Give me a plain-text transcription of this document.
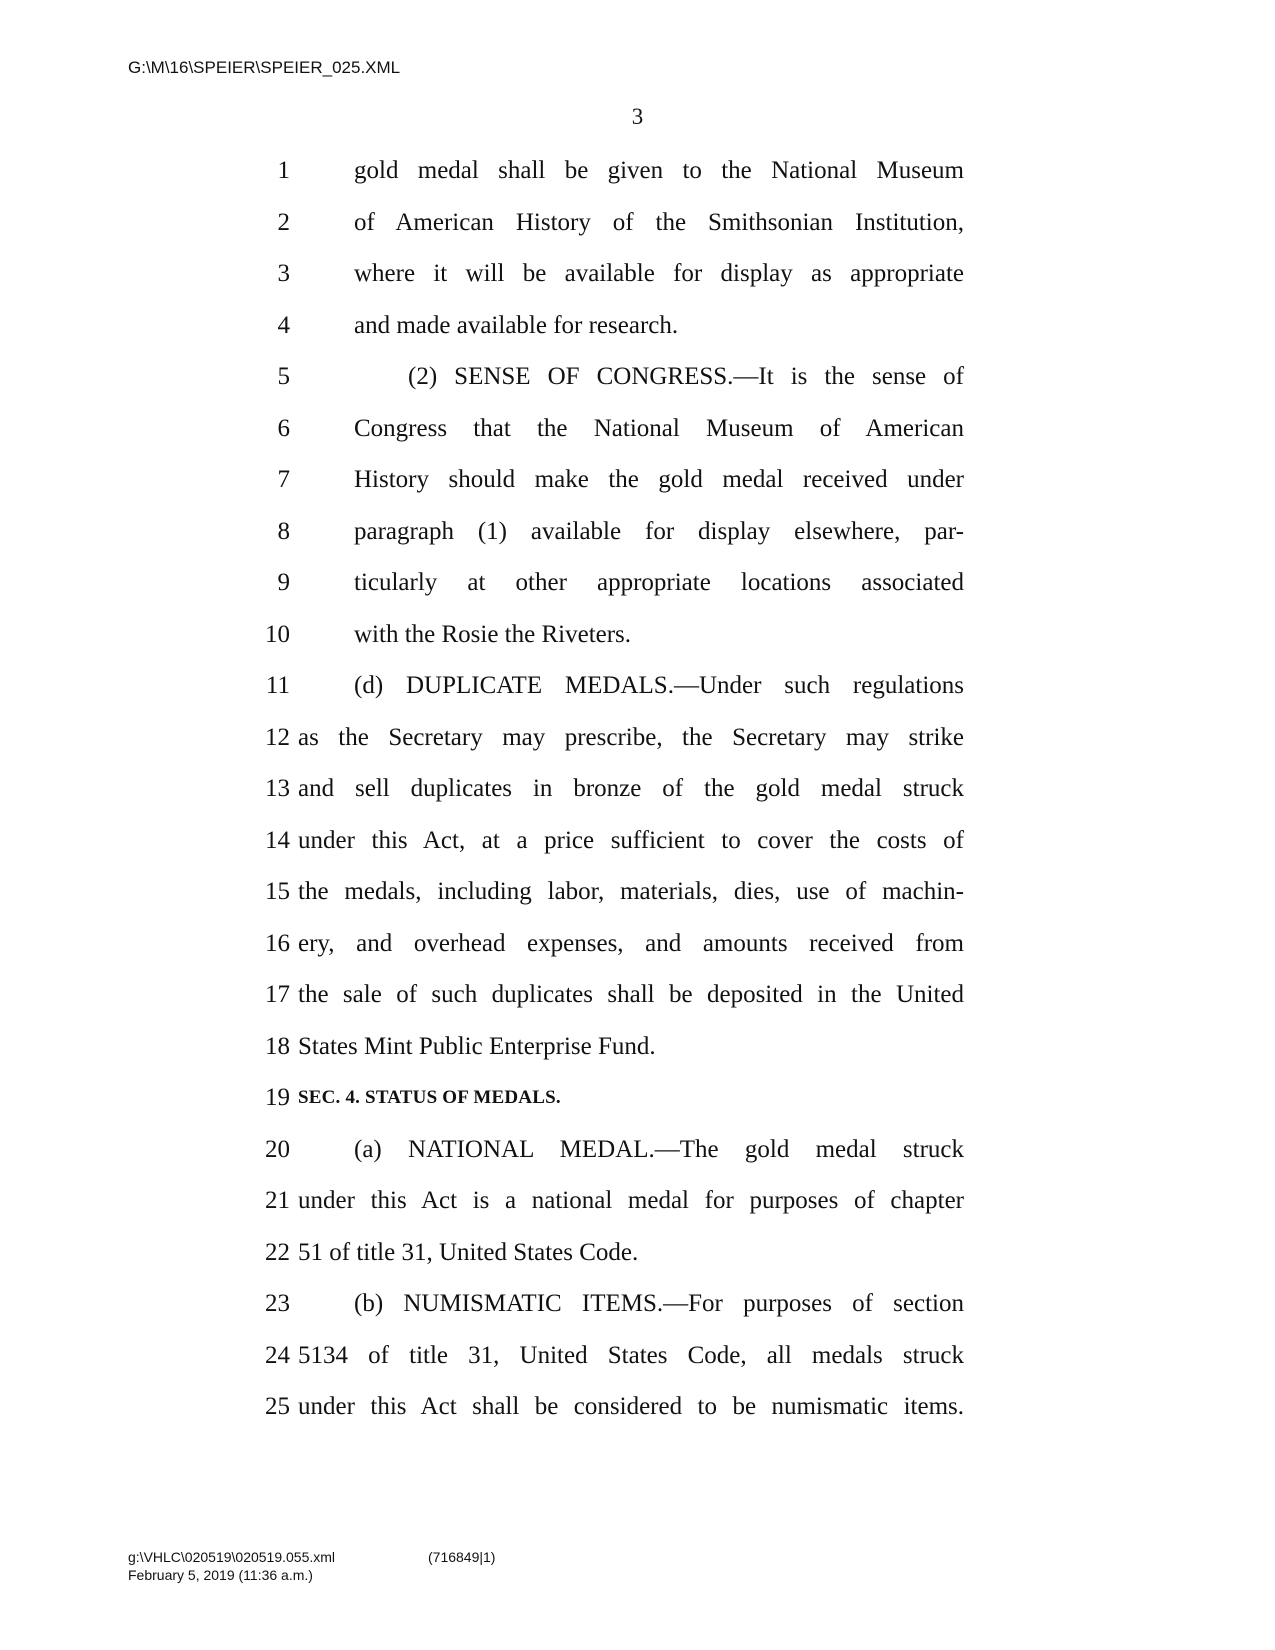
G:\M\16\SPEIER\SPEIER_025.XML
3
1	gold medal shall be given to the National Museum
2	of American History of the Smithsonian Institution,
3	where it will be available for display as appropriate
4	and made available for research.
5	(2) SENSE OF CONGRESS.—It is the sense of
6	Congress that the National Museum of American
7	History should make the gold medal received under
8	paragraph (1) available for display elsewhere, par-
9	ticularly at other appropriate locations associated
10	with the Rosie the Riveters.
11	(d) DUPLICATE MEDALS.—Under such regulations
12 as the Secretary may prescribe, the Secretary may strike
13 and sell duplicates in bronze of the gold medal struck
14 under this Act, at a price sufficient to cover the costs of
15 the medals, including labor, materials, dies, use of machin-
16 ery, and overhead expenses, and amounts received from
17 the sale of such duplicates shall be deposited in the United
18 States Mint Public Enterprise Fund.
19 SEC. 4. STATUS OF MEDALS.
20	(a) NATIONAL MEDAL.—The gold medal struck
21 under this Act is a national medal for purposes of chapter
22 51 of title 31, United States Code.
23	(b) NUMISMATIC ITEMS.—For purposes of section
24 5134 of title 31, United States Code, all medals struck
25 under this Act shall be considered to be numismatic items.
g:\VHLC\020519\020519.055.xml	(716849|1)
February 5, 2019 (11:36 a.m.)
